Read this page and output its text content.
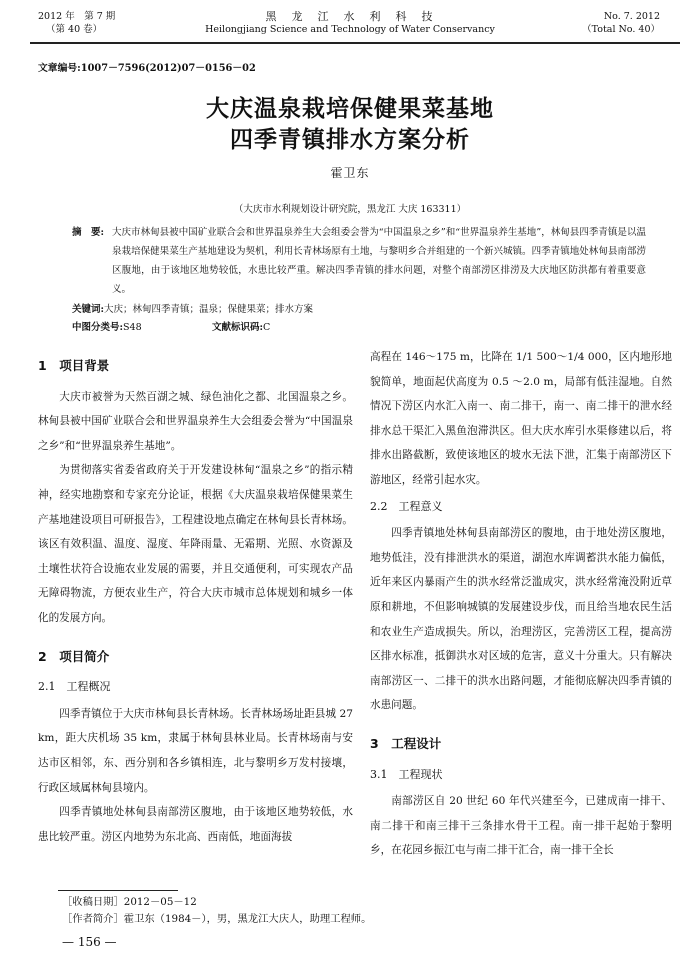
2012 年　第 7 期
（第 40 卷）
黑　龙　江　水　利　科　技
Heilongjiang Science and Technology of Water Conservancy
No. 7. 2012
（Total No. 40）
文章编号:1007－7596(2012)07－0156－02
大庆温泉栽培保健果菜基地
四季青镇排水方案分析
霍卫东
（大庆市水利规划设计研究院，黑龙江 大庆 163311）
摘　要: 大庆市林甸县被中国矿业联合会和世界温泉养生大会组委会誉为“中国温泉之乡”和“世界温泉养生基地”，林甸县四季青镇是以温泉栽培保健果菜生产基地建设为契机，利用长青林场原有土地，与黎明乡合并组建的一个新兴城镇。四季青镇地处林甸县南部涝区腹地，由于该地区地势较低，水患比较严重。解决四季青镇的排水问题，对整个南部涝区排涝及大庆地区防洪都有着重要意义。
关键词:大庆；林甸四季青镇；温泉；保健果菜；排水方案
中图分类号:S48	文献标识码:C
1　项目背景

大庆市被誉为天然百湖之城、绿色油化之都、北国温泉之乡。林甸县被中国矿业联合会和世界温泉养生大会组委会誉为“中国温泉之乡”和“世界温泉养生基地”。

为贯彻落实省委省政府关于开发建设林甸“温泉之乡”的指示精神，经实地勘察和专家充分论证，根据《大庆温泉栽培保健果菜生产基地建设项目可研报告》，工程建设地点确定在林甸县长青林场。该区有效积温、温度、湿度、年降雨量、无霜期、光照、水资源及土壤性状符合设施农业发展的需要，并且交通便利，可实现农产品无障碍物流，方便农业生产，符合大庆市城市总体规划和城乡一体化的发展方向。

2　项目简介
2.1　工程概况

四季青镇位于大庆市林甸县长青林场。长青林场场址距县城 27 km，距大庆机场 35 km，隶属于林甸县林业局。长青林场南与安达市区相邻，东、西分别和各乡镇相连，北与黎明乡万发村接壤，行政区域属林甸县境内。

四季青镇地处林甸县南部涝区腹地，由于该地区地势较低，水患比较严重。涝区内地势为东北高、西南低，地面海拔

［收稿日期］2012－05－12
［作者简介］霍卫东（1984－），男，黑龙江大庆人，助理工程师。
— 156 —

高程在 146～175 m，比降在 1/1 500～1/4 000，区内地形地貌简单，地面起伏高度为 0.5 ～2.0 m，局部有低洼湿地。自然情况下涝区内水汇入南一、南二排干，南一、南二排干的泄水经排水总干渠汇入黑鱼泡滞洪区。但大庆水库引水渠修建以后，将排水出路截断，致使该地区的坡水无法下泄，汇集于南部涝区下游地区，经常引起水灾。

2.2　工程意义

四季青镇地处林甸县南部涝区的腹地，由于地处涝区腹地，地势低洼，没有排泄洪水的渠道，湖泡水库调蓄洪水能力偏低，近年来区内暴雨产生的洪水经常泛滥成灾，洪水经常淹没附近草原和耕地，不但影响城镇的发展建设步伐，而且给当地农民生活和农业生产造成损失。所以，治理涝区，完善涝区工程，提高涝区排水标准，抵御洪水对区域的危害，意义十分重大。只有解决南部涝区一、二排干的洪水出路问题，才能彻底解决四季青镇的水患问题。

3　工程设计
3.1　工程现状

南部涝区自 20 世纪 60 年代兴建至今，已建成南一排干、南二排干和南三排干三条排水骨干工程。南一排干起始于黎明乡，在花园乡振江屯与南二排干汇合，南一排干全长
